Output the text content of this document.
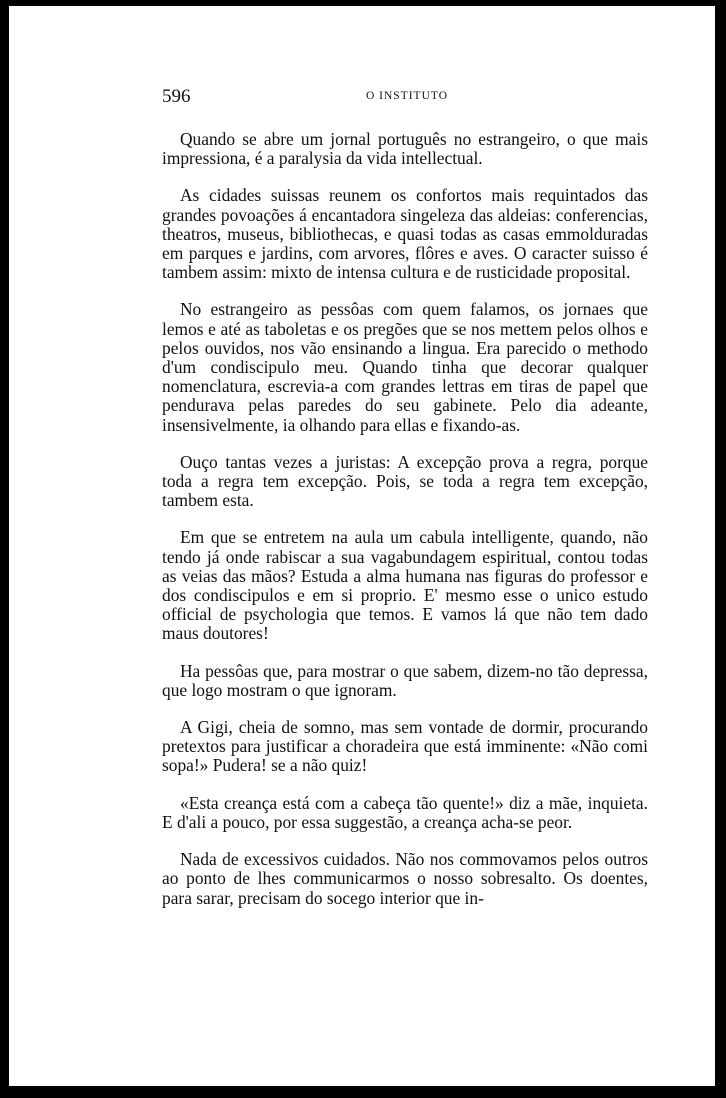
596	O INSTITUTO

Quando se abre um jornal português no estrangeiro, o que mais impressiona, é a paralysia da vida intellectual.

As cidades suissas reunem os confortos mais requintados das grandes povoações á encantadora singeleza das aldeias: conferencias, theatros, museus, bibliothecas, e quasi todas as casas emmolduradas em parques e jardins, com arvores, flôres e aves. O caracter suisso é tambem assim: mixto de intensa cultura e de rusticidade proposital.

No estrangeiro as pessôas com quem falamos, os jornaes que lemos e até as taboletas e os pregões que se nos mettem pelos olhos e pelos ouvidos, nos vão ensinando a lingua. Era parecido o methodo d'um condiscipulo meu. Quando tinha que decorar qualquer nomenclatura, escrevia-a com grandes lettras em tiras de papel que pendurava pelas paredes do seu gabinete. Pelo dia adeante, insensivelmente, ia olhando para ellas e fixando-as.

Ouço tantas vezes a juristas: A excepção prova a regra, porque toda a regra tem excepção. Pois, se toda a regra tem excepção, tambem esta.

Em que se entretem na aula um cabula intelligente, quando, não tendo já onde rabiscar a sua vagabundagem espiritual, contou todas as veias das mãos? Estuda a alma humana nas figuras do professor e dos condiscipulos e em si proprio. E' mesmo esse o unico estudo official de psychologia que temos. E vamos lá que não tem dado maus doutores!

Ha pessôas que, para mostrar o que sabem, dizem-no tão depressa, que logo mostram o que ignoram.

A Gigi, cheia de somno, mas sem vontade de dormir, procurando pretextos para justificar a choradeira que está imminente: «Não comi sopa!» Pudera! se a não quiz!

«Esta creança está com a cabeça tão quente!» diz a mãe, inquieta. E d'ali a pouco, por essa suggestão, a creança acha-se peor.

Nada de excessivos cuidados. Não nos commovamos pelos outros ao ponto de lhes communicarmos o nosso sobresalto. Os doentes, para sarar, precisam do socego interior que in-
